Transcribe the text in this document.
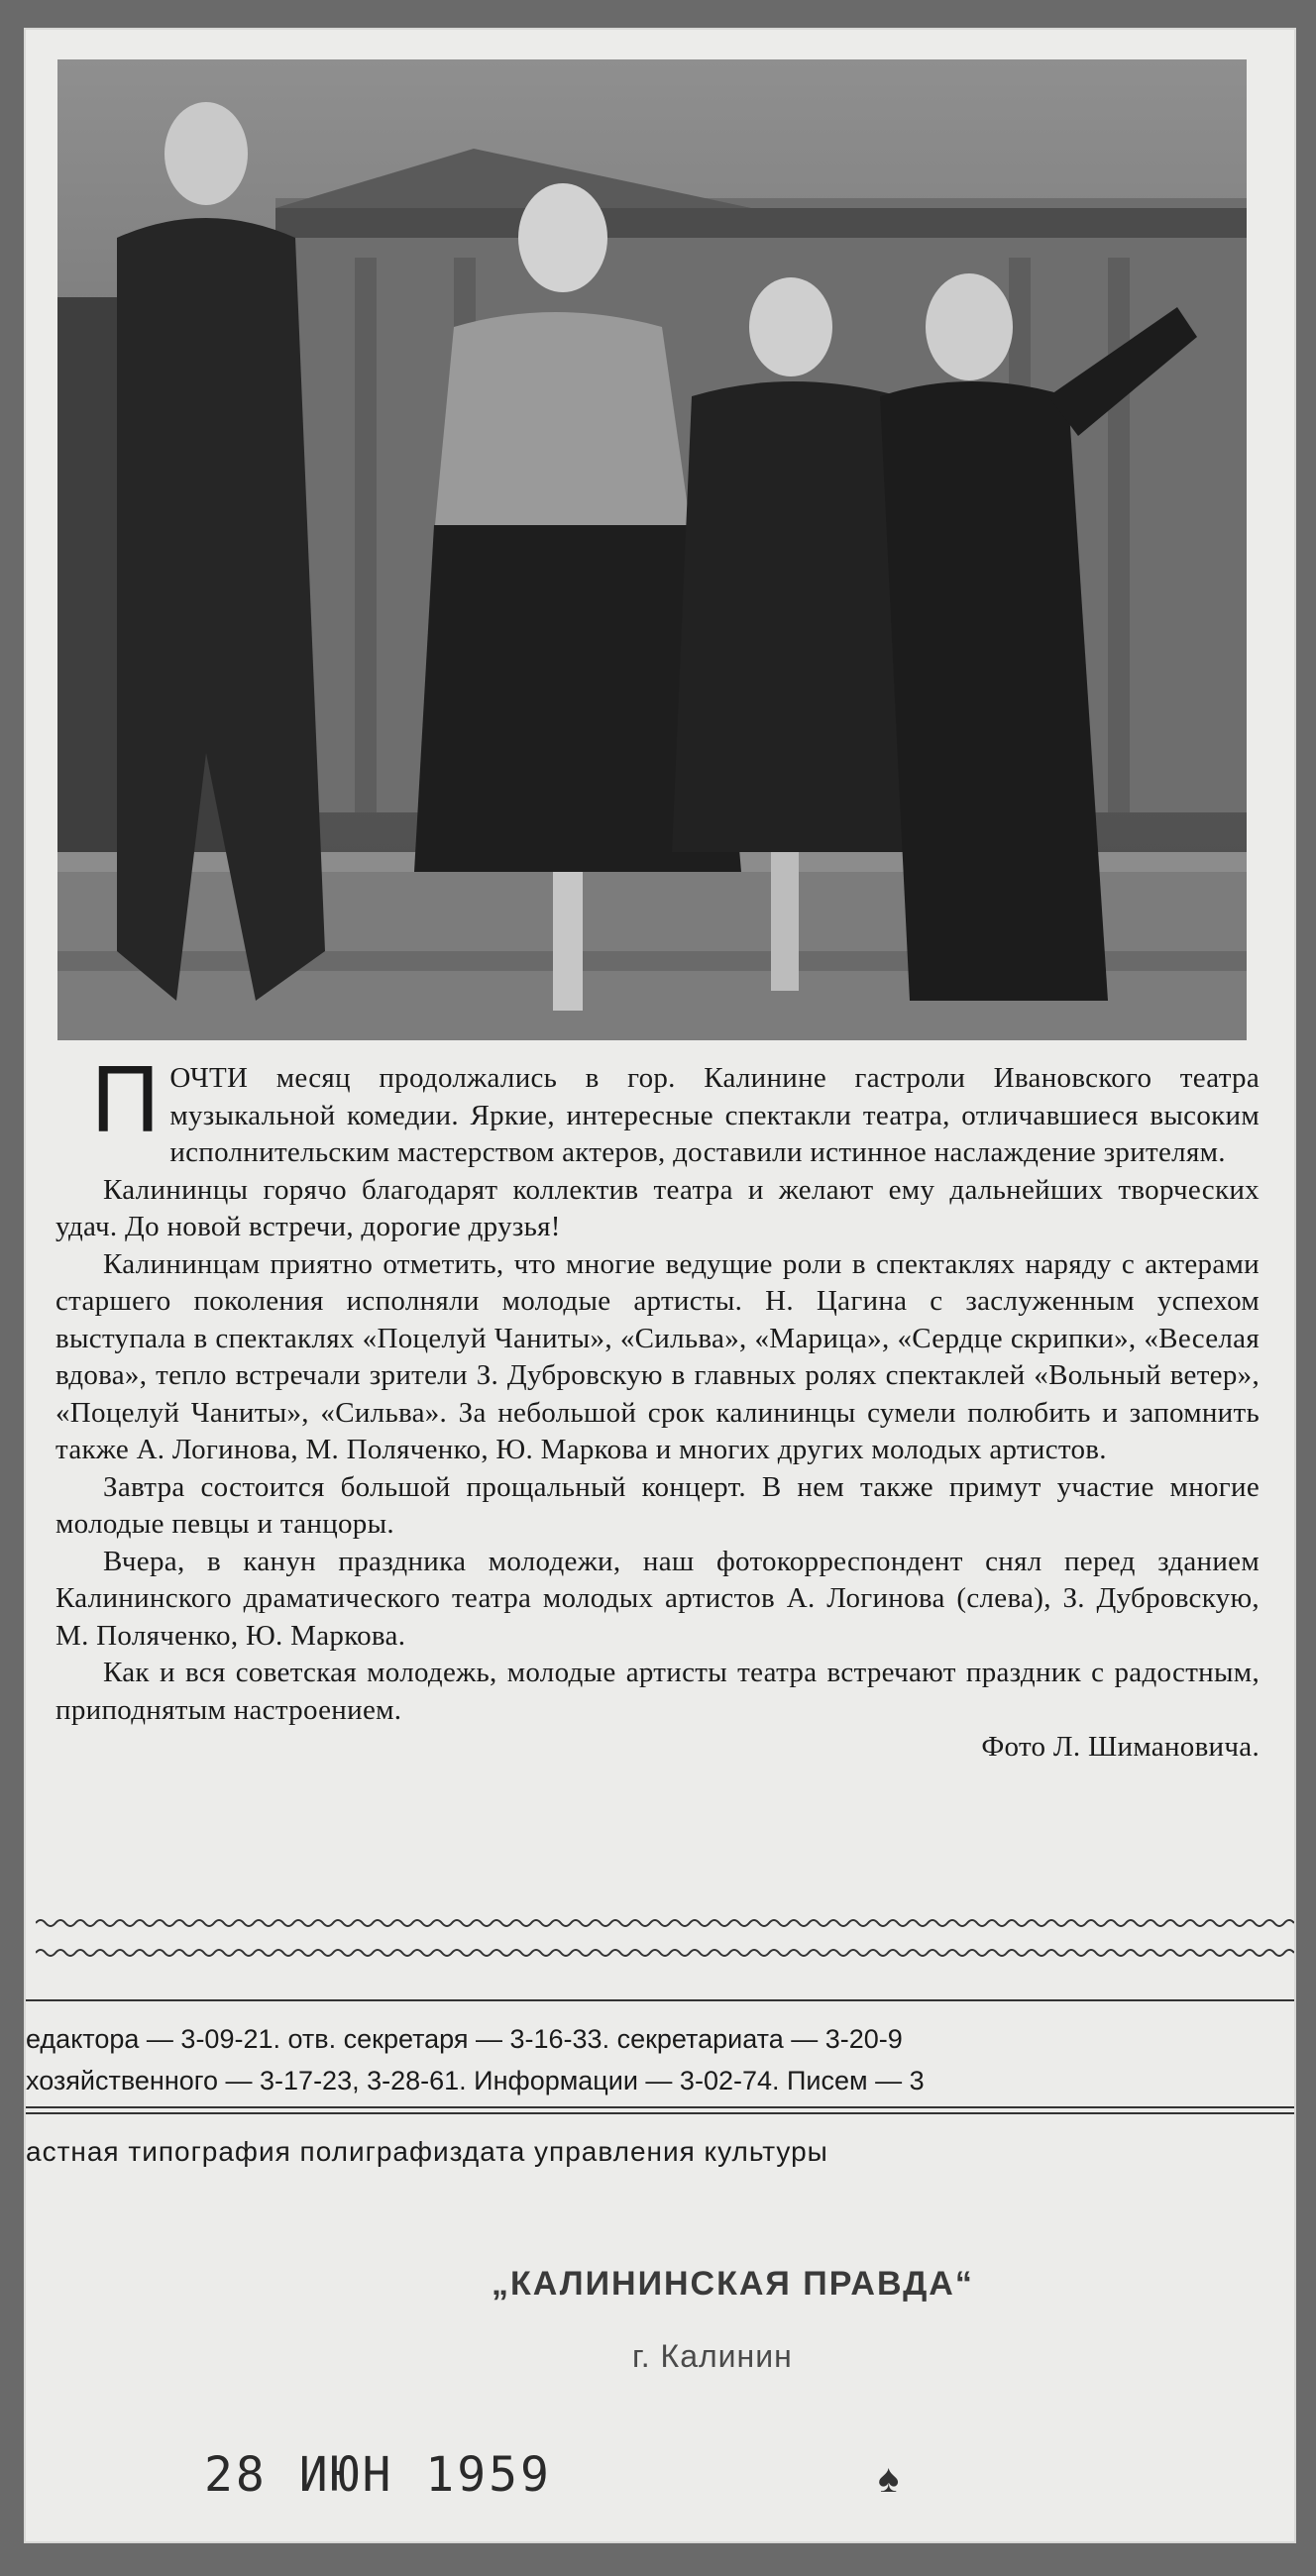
П ОЧТИ месяц продолжались в гор. Калинине гастроли Ивановского театра музыкальной комедии. Яркие, интересные спектакли театра, отличавшиеся высоким исполнительским мастерством актеров, доставили истинное наслаждение зрителям.

Калининцы горячо благодарят коллектив театра и желают ему дальнейших творческих удач. До новой встречи, дорогие друзья!

Калининцам приятно отметить, что многие ведущие роли в спектаклях наряду с актерами старшего поколения исполняли молодые артисты. Н. Цагина с заслуженным успехом выступала в спектаклях «Поцелуй Чаниты», «Сильва», «Марица», «Сердце скрипки», «Веселая вдова», тепло встречали зрители З. Дубровскую в главных ролях спектаклей «Вольный ветер», «Поцелуй Чаниты», «Сильва». За небольшой срок калининцы сумели полюбить и запомнить также А. Логинова, М. Поляченко, Ю. Маркова и многих других молодых артистов.

Завтра состоится большой прощальный концерт. В нем также примут участие многие молодые певцы и танцоры.

Вчера, в канун праздника молодежи, наш фотокорреспондент снял перед зданием Калининского драматического театра молодых артистов А. Логинова (слева), З. Дубровскую, М. Поляченко, Ю. Маркова.

Как и вся советская молодежь, молодые артисты театра встречают праздник с радостным, приподнятым настроением.

Фото Л. Шимановича.

едактора — 3-09-21. отв. секретаря — 3-16-33. секретариата — 3-20-9
хозяйственного — 3-17-23, 3-28-61. Информации — 3-02-74. Писем — 3
астная типография полиграфиздата управления культуры
„КАЛИНИНСКАЯ ПРАВДА“
г. Калинин
28 ИЮН 1959	♠
